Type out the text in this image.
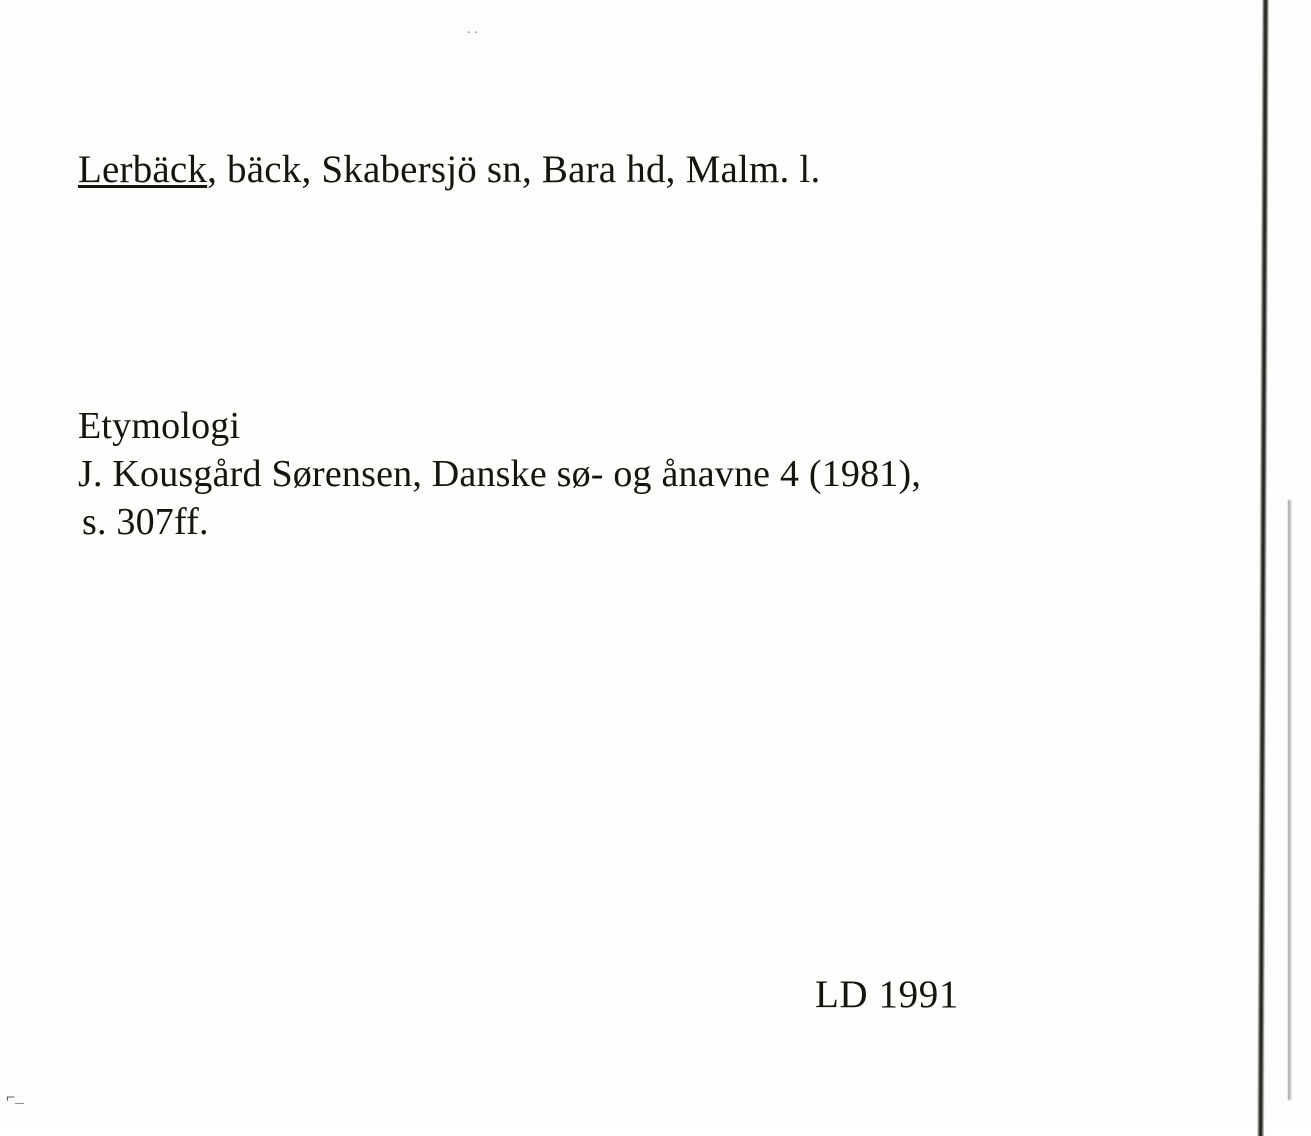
..
Lerbäck, bäck, Skabersjö sn, Bara hd, Malm. l.
Etymologi
J. Kousgård Sørensen, Danske sø- og ånavne 4 (1981),
s. 307ff.
LD 1991
⌐_
